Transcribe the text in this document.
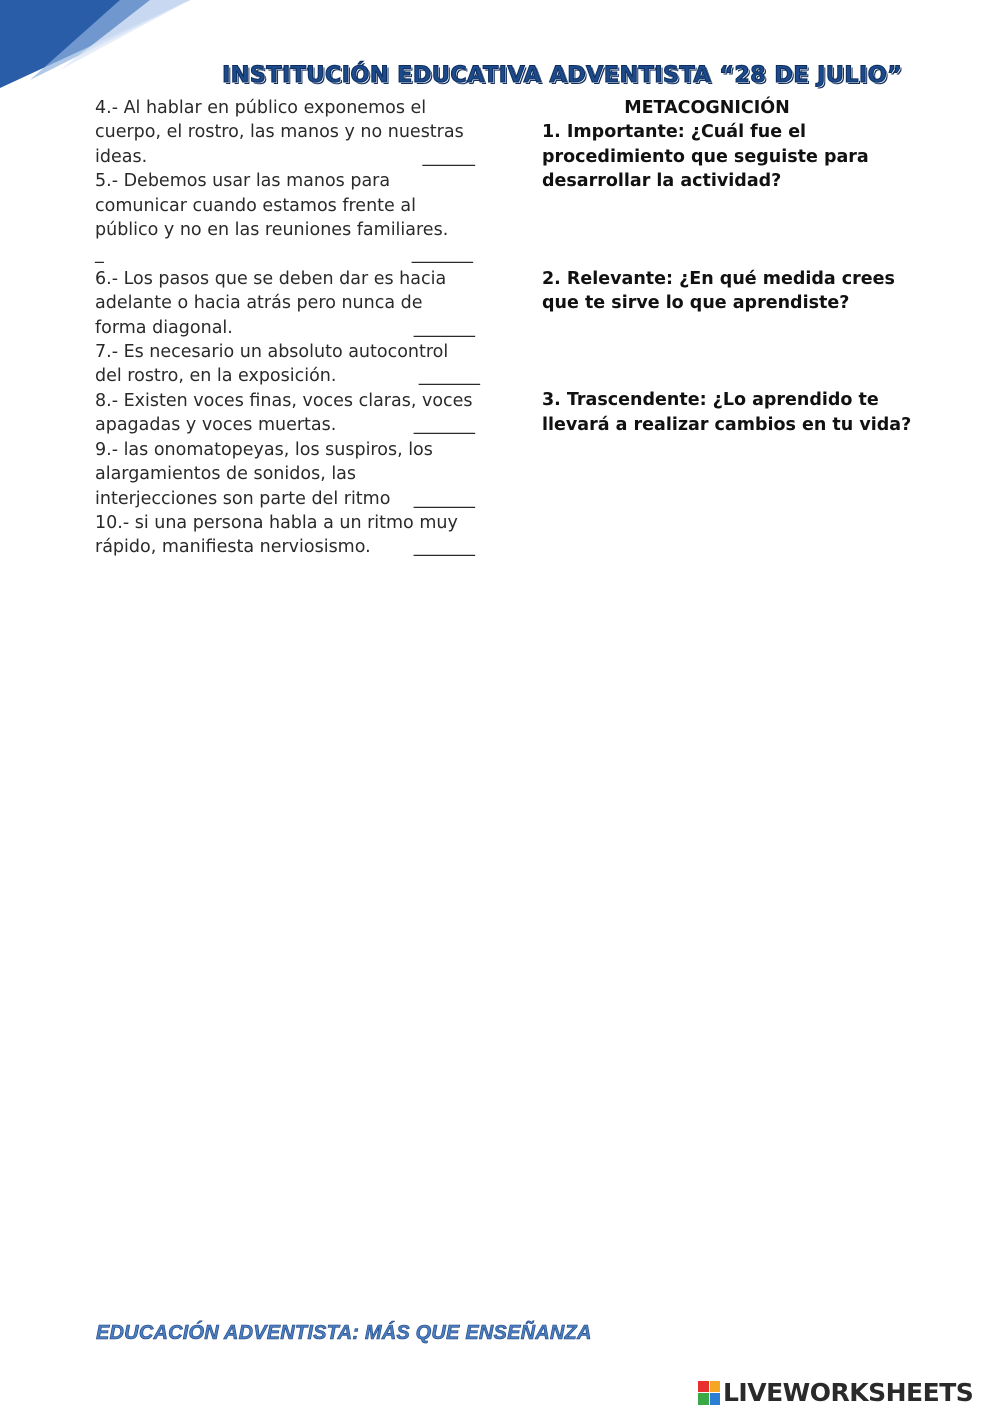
INSTITUCIÓN EDUCATIVA ADVENTISTA “28 DE JULIO”

4.- Al hablar en público exponemos el

cuerpo, el rostro, las manos y no nuestras

ideas.	______

5.- Debemos usar las manos para

comunicar cuando estamos frente al

público y no en las reuniones familiares.

_	_______

6.- Los pasos que se deben dar es hacia

adelante o hacia atrás pero nunca de

forma diagonal.	_______

7.- Es necesario un absoluto autocontrol

del rostro, en la exposición.	_______

8.- Existen voces finas, voces claras, voces

apagadas y voces muertas.	_______

9.- las onomatopeyas, los suspiros, los

alargamientos de sonidos, las

interjecciones son parte del ritmo _______

10.- si una persona habla a un ritmo muy

rápido, manifiesta nerviosismo. _______

METACOGNICIÓN

1. Importante: ¿Cuál fue el

procedimiento que seguiste para

desarrollar la actividad?

2. Relevante: ¿En qué medida crees

que te sirve lo que aprendiste?

3. Trascendente: ¿Lo aprendido te

llevará a realizar cambios en tu vida?

EDUCACIÓN ADVENTISTA: MÁS QUE ENSEÑANZA
LIVEWORKSHEETS
